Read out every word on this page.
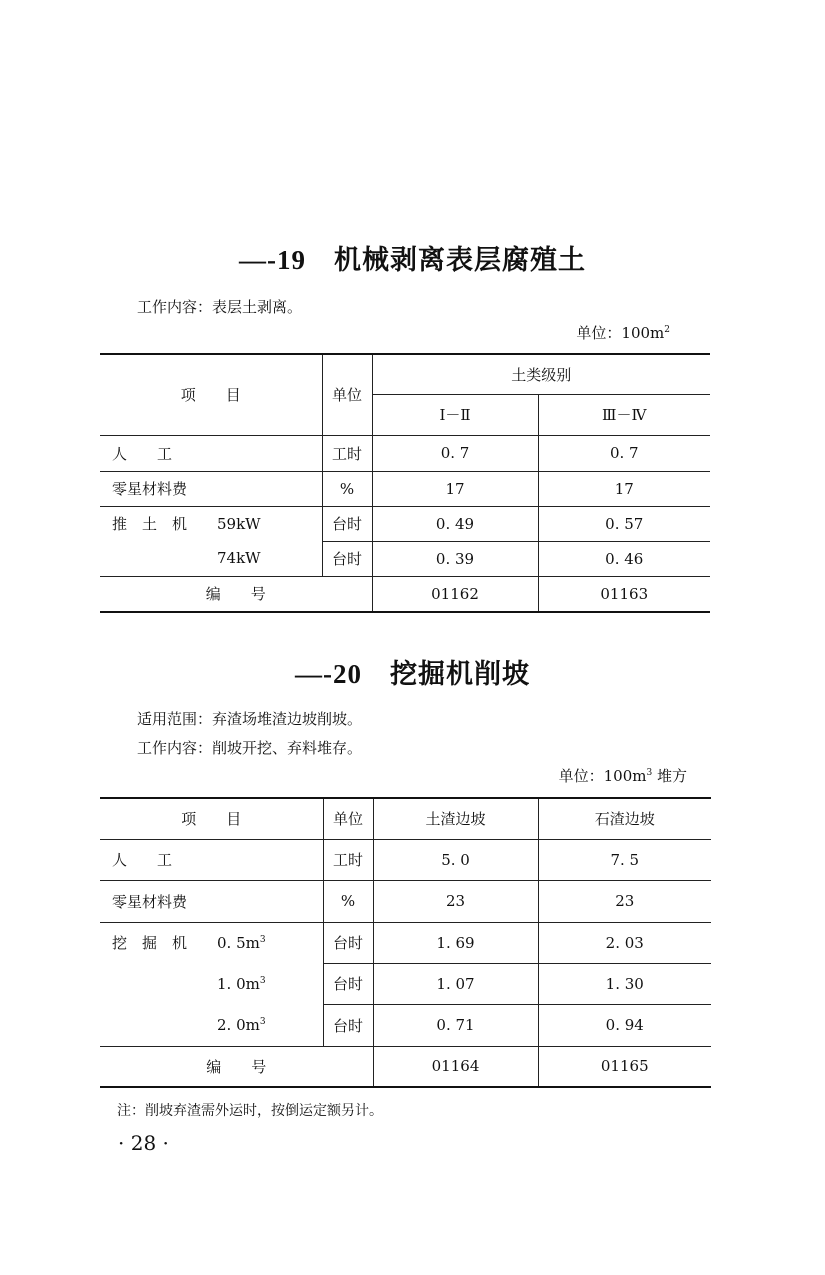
—-19 机械剥离表层腐殖土
工作内容：表层土剥离。
单位：$100m^2$
项　　目	单位	土类级别	
		Ⅰ－Ⅱ	Ⅲ－Ⅳ
人　　工	工时	0. 7	0. 7
零星材料费	%	17	17
推　土　机 59kW	台时	0. 49	0. 57
74kW	台时	0. 39	0. 46
编　　号		01162	01163
—-20 挖掘机削坡
适用范围：弃渣场堆渣边坡削坡。
工作内容：削坡开挖、弃料堆存。
单位：$100m^3$ 堆方
项　　目	单位	土渣边坡	石渣边坡
人　　工	工时	5. 0	7. 5
零星材料费	%	23	23
挖　掘　机 0. $5m^3$	台时	1. 69	2. 03
1. $0m^3$	台时	1. 07	1. 30
2. $0m^3$	台时	0. 71	0. 94
编　　号		01164	01165
注：削坡弃渣需外运时，按倒运定额另计。
· 28 ·
